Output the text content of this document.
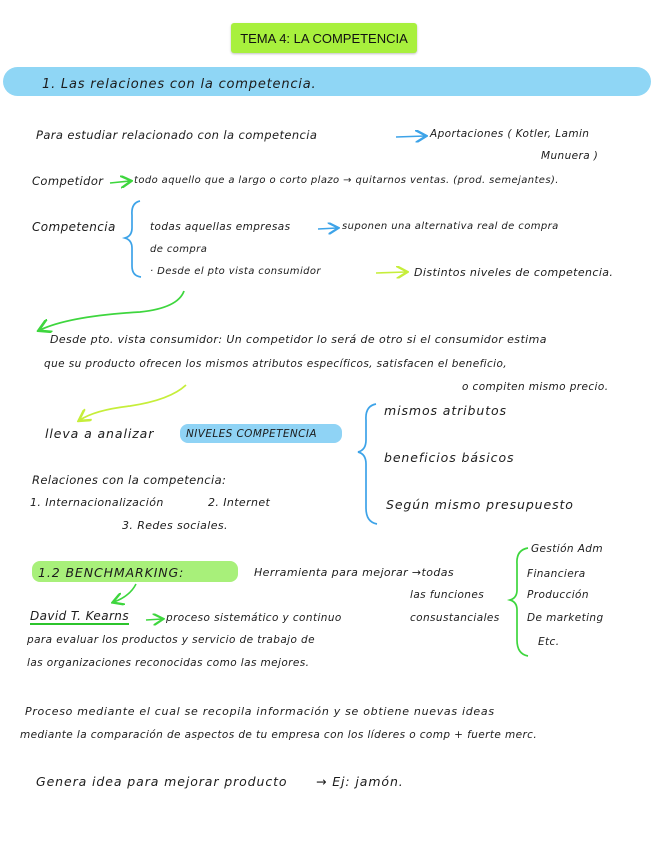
TEMA 4: LA COMPETENCIA
1. Las relaciones con la competencia.
Para estudiar relacionado con la competencia	Aportaciones ( Kotler, Lamin
Munuera )
Competidor	todo aquello que a largo o corto plazo → quitarnos ventas. (prod. semejantes).
Competencia	todas aquellas empresas	suponen una alternativa real de compra
de compra
· Desde el pto vista consumidor	Distintos niveles de competencia.
Desde pto. vista consumidor: Un competidor lo será de otro si el consumidor estima
que su producto ofrecen los mismos atributos específicos, satisfacen el beneficio,
o compiten mismo precio.
lleva a analizar	NIVELES COMPETENCIA
mismos atributos
beneficios básicos
Según mismo presupuesto
Relaciones con la competencia:
1. Internacionalización	2. Internet
3. Redes sociales.
1.2 BENCHMARKING:	Herramienta para mejorar →todas
las funciones
consustanciales
Gestión Adm
Financiera
Producción
De marketing
Etc.
David T. Kearns	proceso sistemático y continuo
para evaluar los productos y servicio de trabajo de
las organizaciones reconocidas como las mejores.
Proceso mediante el cual se recopila información y se obtiene nuevas ideas
mediante la comparación de aspectos de tu empresa con los líderes o comp + fuerte merc.
Genera idea para mejorar producto → Ej: jamón.
